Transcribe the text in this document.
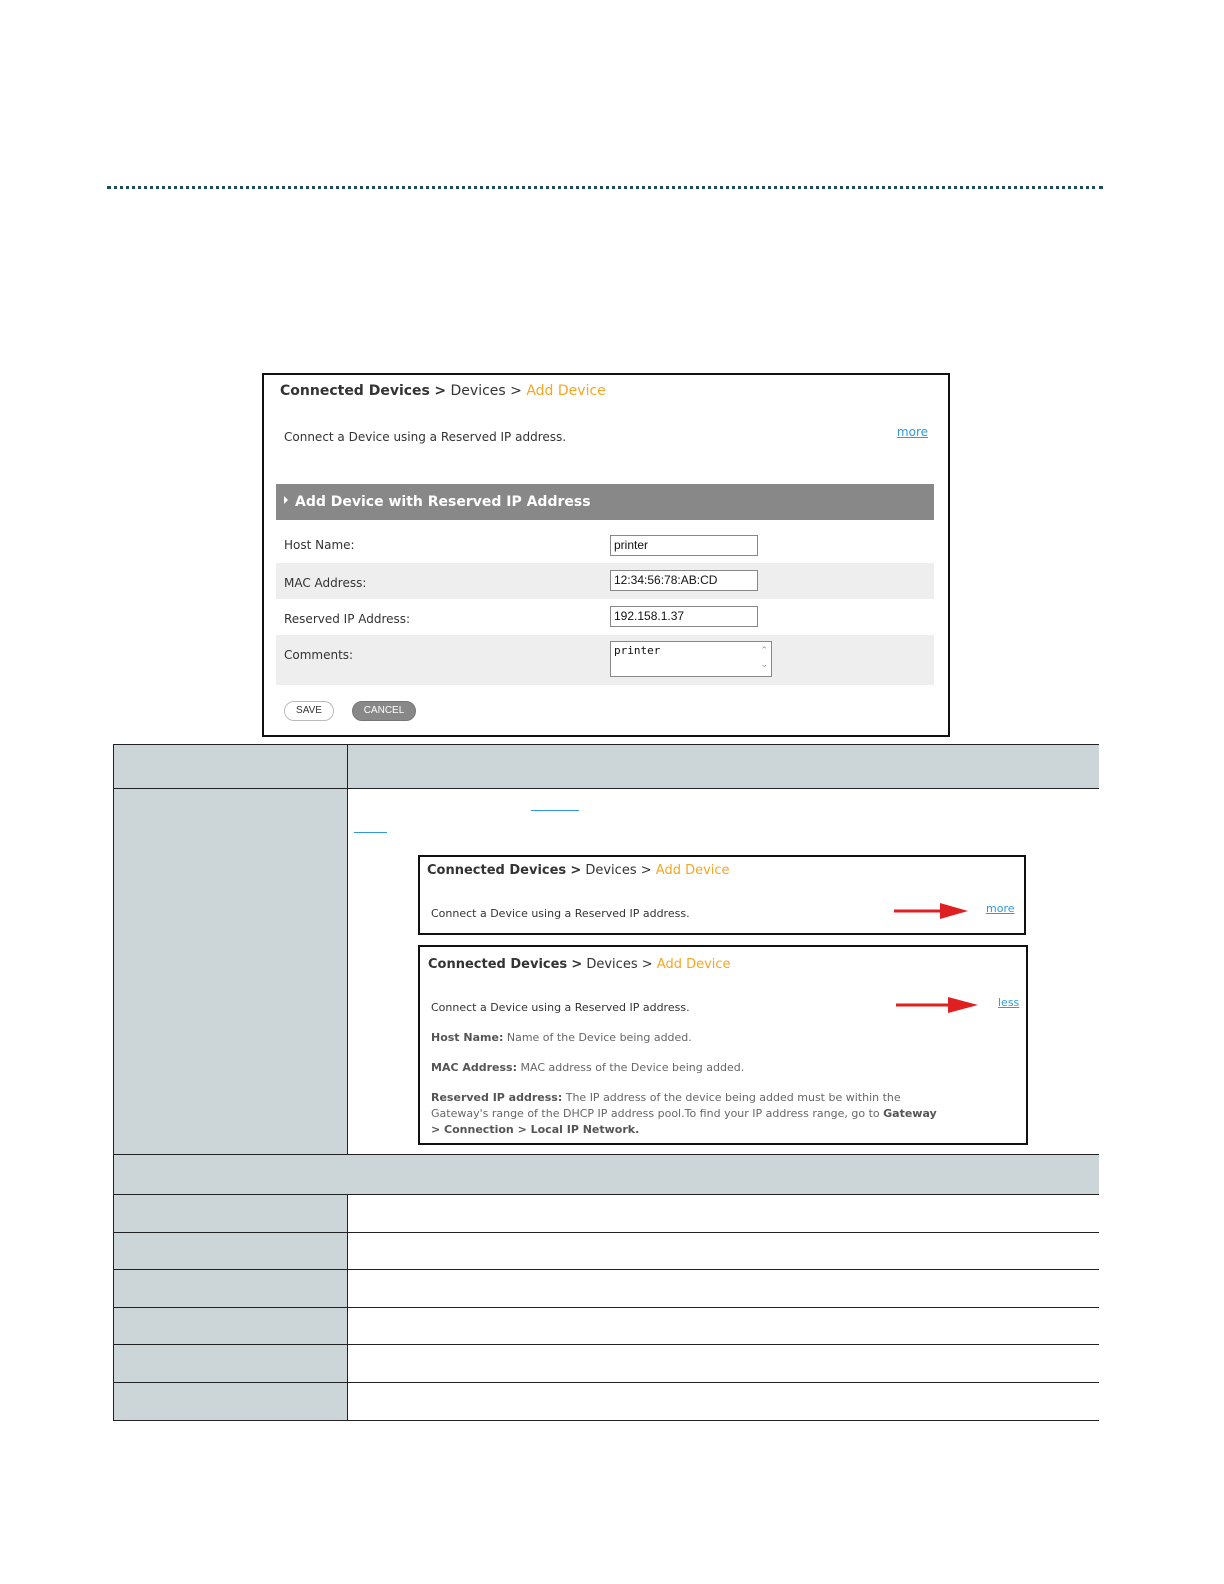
Connected Devices > Devices > Add Device
Connect a Device using a Reserved IP address.	more
Add Device with Reserved IP Address
Host Name:	printer
MAC Address:	12:34:56:78:AB:CD
Reserved IP Address:	192.158.1.37
Comments:	printer	⌃
⌄
SAVE	CANCEL
Connected Devices > Devices > Add Device
Connect a Device using a Reserved IP address.	more
Connected Devices > Devices > Add Device
Connect a Device using a Reserved IP address.	less
Host Name: Name of the Device being added.
MAC Address: MAC address of the Device being added.
Reserved IP address: The IP address of the device being added must be within the
Gateway's range of the DHCP IP address pool.To find your IP address range, go to Gateway
> Connection > Local IP Network.
